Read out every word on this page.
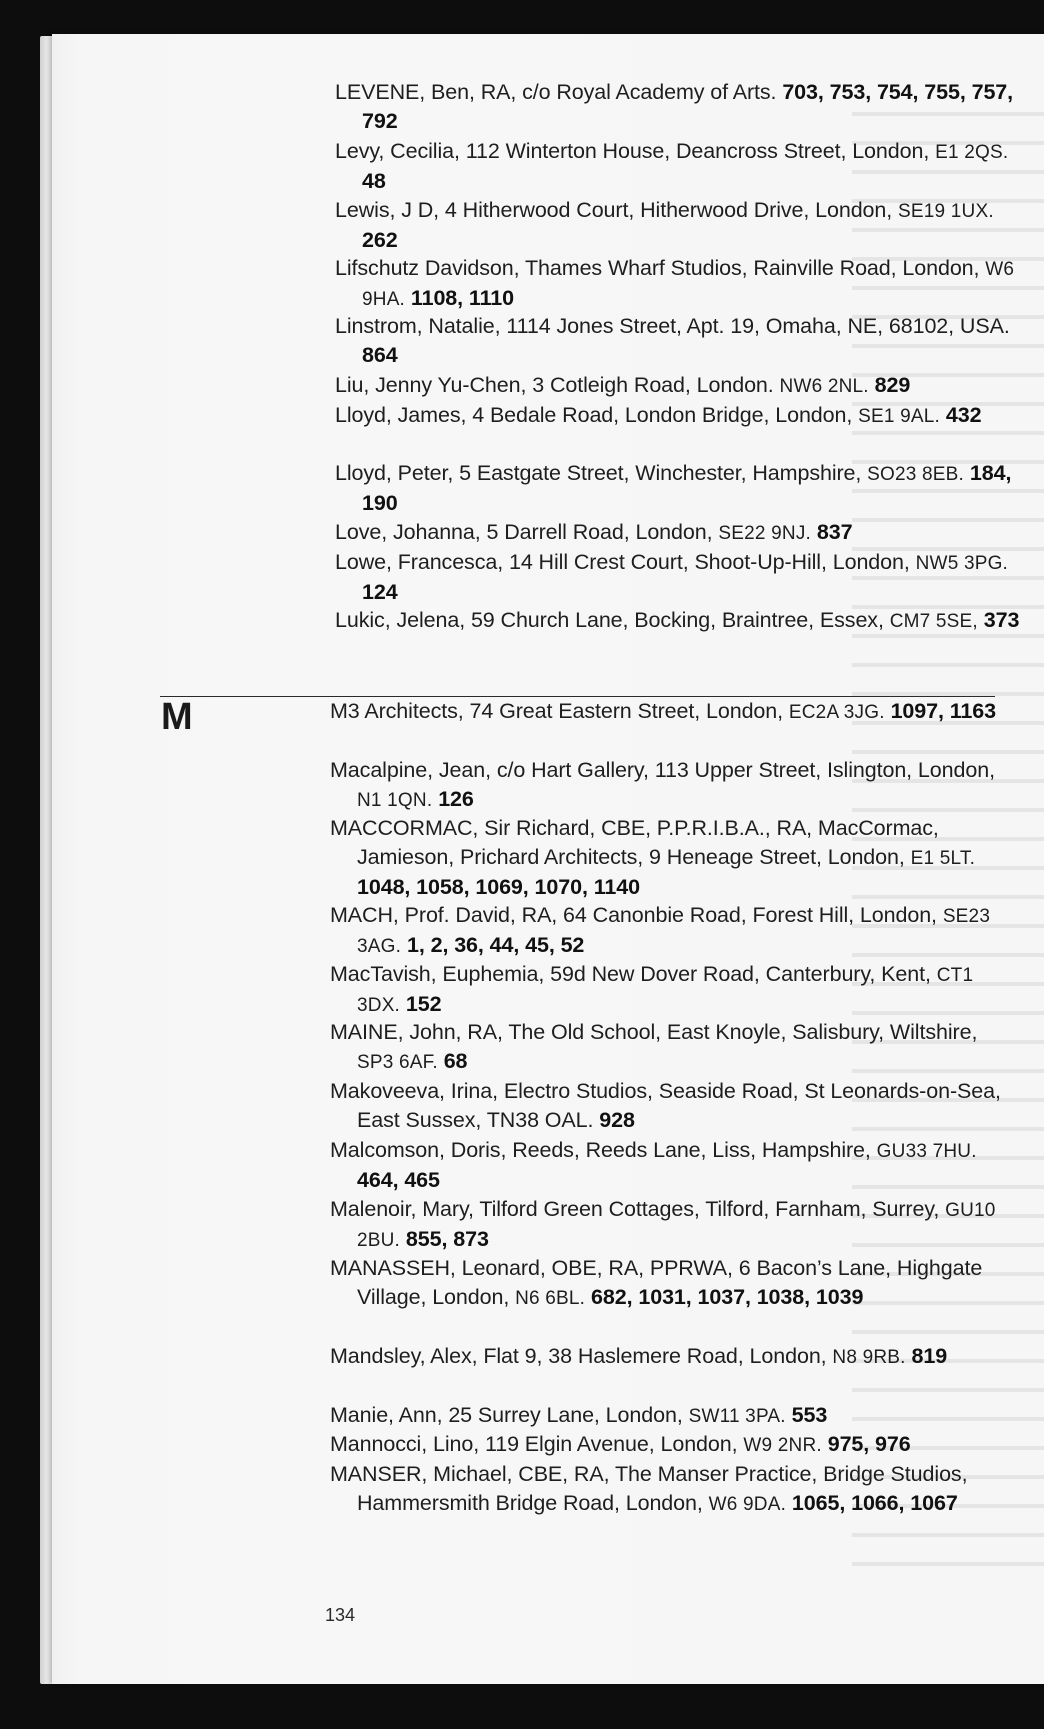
LEVENE, Ben, RA, c/o Royal Academy of Arts. 703, 753, 754, 755, 757, 792
Levy, Cecilia, 112 Winterton House, Deancross Street, London, E1 2QS. 48
Lewis, J D, 4 Hitherwood Court, Hitherwood Drive, London, SE19 1UX. 262
Lifschutz Davidson, Thames Wharf Studios, Rainville Road, London, W6 9HA. 1108, 1110
Linstrom, Natalie, 1114 Jones Street, Apt. 19, Omaha, NE, 68102, USA. 864
Liu, Jenny Yu-Chen, 3 Cotleigh Road, London. NW6 2NL. 829
Lloyd, James, 4 Bedale Road, London Bridge, London, SE1 9AL. 432
Lloyd, Peter, 5 Eastgate Street, Winchester, Hampshire, SO23 8EB. 184, 190
Love, Johanna, 5 Darrell Road, London, SE22 9NJ. 837
Lowe, Francesca, 14 Hill Crest Court, Shoot-Up-Hill, London, NW5 3PG. 124
Lukic, Jelena, 59 Church Lane, Bocking, Braintree, Essex, CM7 5SE, 373
M3 Architects, 74 Great Eastern Street, London, EC2A 3JG. 1097, 1163
Macalpine, Jean, c/o Hart Gallery, 113 Upper Street, Islington, London, N1 1QN. 126
MACCORMAC, Sir Richard, CBE, P.P.R.I.B.A., RA, MacCormac, Jamieson, Prichard Architects, 9 Heneage Street, London, E1 5LT. 1048, 1058, 1069, 1070, 1140
MACH, Prof. David, RA, 64 Canonbie Road, Forest Hill, London, SE23 3AG. 1, 2, 36, 44, 45, 52
MacTavish, Euphemia, 59d New Dover Road, Canterbury, Kent, CT1 3DX. 152
MAINE, John, RA, The Old School, East Knoyle, Salisbury, Wiltshire, SP3 6AF. 68
Makoveeva, Irina, Electro Studios, Seaside Road, St Leonards-on-Sea, East Sussex, TN38 OAL. 928
Malcomson, Doris, Reeds, Reeds Lane, Liss, Hampshire, GU33 7HU. 464, 465
Malenoir, Mary, Tilford Green Cottages, Tilford, Farnham, Surrey, GU10 2BU. 855, 873
MANASSEH, Leonard, OBE, RA, PPRWA, 6 Bacon’s Lane, Highgate Village, London, N6 6BL. 682, 1031, 1037, 1038, 1039
Mandsley, Alex, Flat 9, 38 Haslemere Road, London, N8 9RB. 819
Manie, Ann, 25 Surrey Lane, London, SW11 3PA. 553
Mannocci, Lino, 119 Elgin Avenue, London, W9 2NR. 975, 976
MANSER, Michael, CBE, RA, The Manser Practice, Bridge Studios, Hammersmith Bridge Road, London, W6 9DA. 1065, 1066, 1067
M
134
